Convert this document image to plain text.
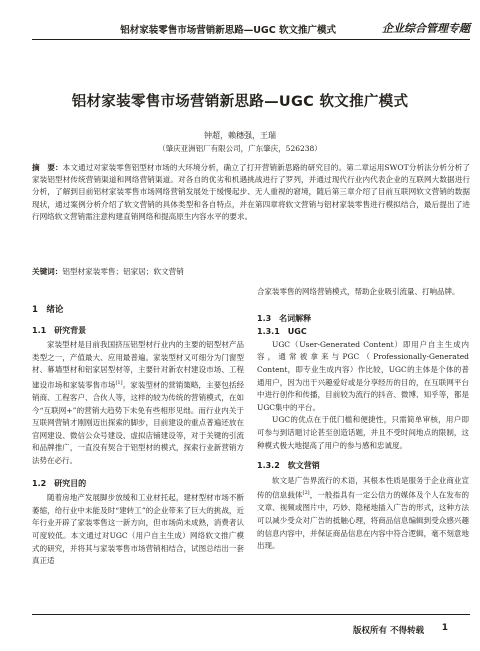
铝材家装零售市场营销新思路—UGC 软文推广模式	企业综合管理专题
铝材家装零售市场营销新思路—UGC 软文推广模式
钟超，赖穗强，王瑞
（肇庆亚洲铝厂有限公司，广东肇庆，526238）
摘　要：本文通过对家装零售铝型材市场的大环境分析，确立了打开营销新思路的研究目的。第二章运用SWOT分析法分析分析了家装铝型材传统营销渠道和网络营销渠道。对各自的优劣和机遇挑战进行了罗列，并通过现代行业内代表企业的互联网大数据进行分析，了解到目前铝材家装零售市场网络营销发展处于缓慢起步、无人重视的窘境，随后第三章介绍了目前互联网软文营销的数据现状，通过案例分析介绍了软文营销的具体类型和各自特点，并在第四章将软文营销与铝材家装零售进行模拟结合，最后提出了进行网络软文营销需注意构建直销网络和提高原生内容水平的要求。
关键词：铝型材家装零售；铝家居；软文营销
1　绪论
1.1　研究背景

家装型材是目前我国挤压铝型材行业内的主要的铝型材产品类型之一，产值最大、应用最普遍。家装型材又可细分为门窗型材、幕墙型材和铝家居型材等，主要针对新农村建设市场、工程建设市场和家装零售市场[1]。家装型材的营销策略，主要包括经销商、工程客户、合伙人等，这样的较为传统的营销模式，在如今“互联网+”的营销大趋势下未免有些相形见绌。而行业内关于互联网营销才刚刚迈出探索的脚步，目前建设的重点普遍还放在官网建设、微信公众号建设、虚拟店铺建设等，对于关键的引流和品牌推广，一直没有契合于铝型材的模式，探索行业新营销方法势在必行。

1.2　研究目的

随着房地产发展脚步放缓和工业材托起，建材型材市场不断萎缩，给行业中未能及时“建转工”的企业带来了巨大的挑战，近年行业开辟了家装零售这一新方向，但市场尚未成熟，消费者认可度较低。本文通过对UGC（用户自主生成）网络软文推广模式的研究，并将其与家装零售市场营销相结合，试图总结出一套真正适

合家装零售的网络营销模式，帮助企业吸引流量、打响品牌。

1.3　名词解释
1.3.1　UGC

UGC（User-Generated Content）即用户自主生成内容，通常被拿来与PGC（Professionally-Generated Content，即专业生成内容）作比较，UGC的主体是个体的普通用户，因为出于兴趣爱好或是分享经历的目的，在互联网平台中进行创作和传播，目前较为流行的抖音、微博、知乎等，都是UGC集中的平台。

UGC的优点在于低门槛和便捷性，只需简单审核，用户即可参与到话题讨论甚至创造话题，并且不受时间地点的限制，这种模式极大地提高了用户的参与感和忠诚度。

1.3.2　软文营销

软文是广告界流行的术语，其根本性质是服务于企业商业宣传的信息载体[2]，一般指具有一定公信力的媒体及个人在发布的文章、视频或图片中，巧妙、隐秘地插入广告的形式，这种方法可以减少受众对广告的抵触心理，将商品信息编辑到受众感兴趣的信息内容中，并保证商品信息在内容中符合逻辑，毫不刻意地出现。

版权所有 不得转载 1
